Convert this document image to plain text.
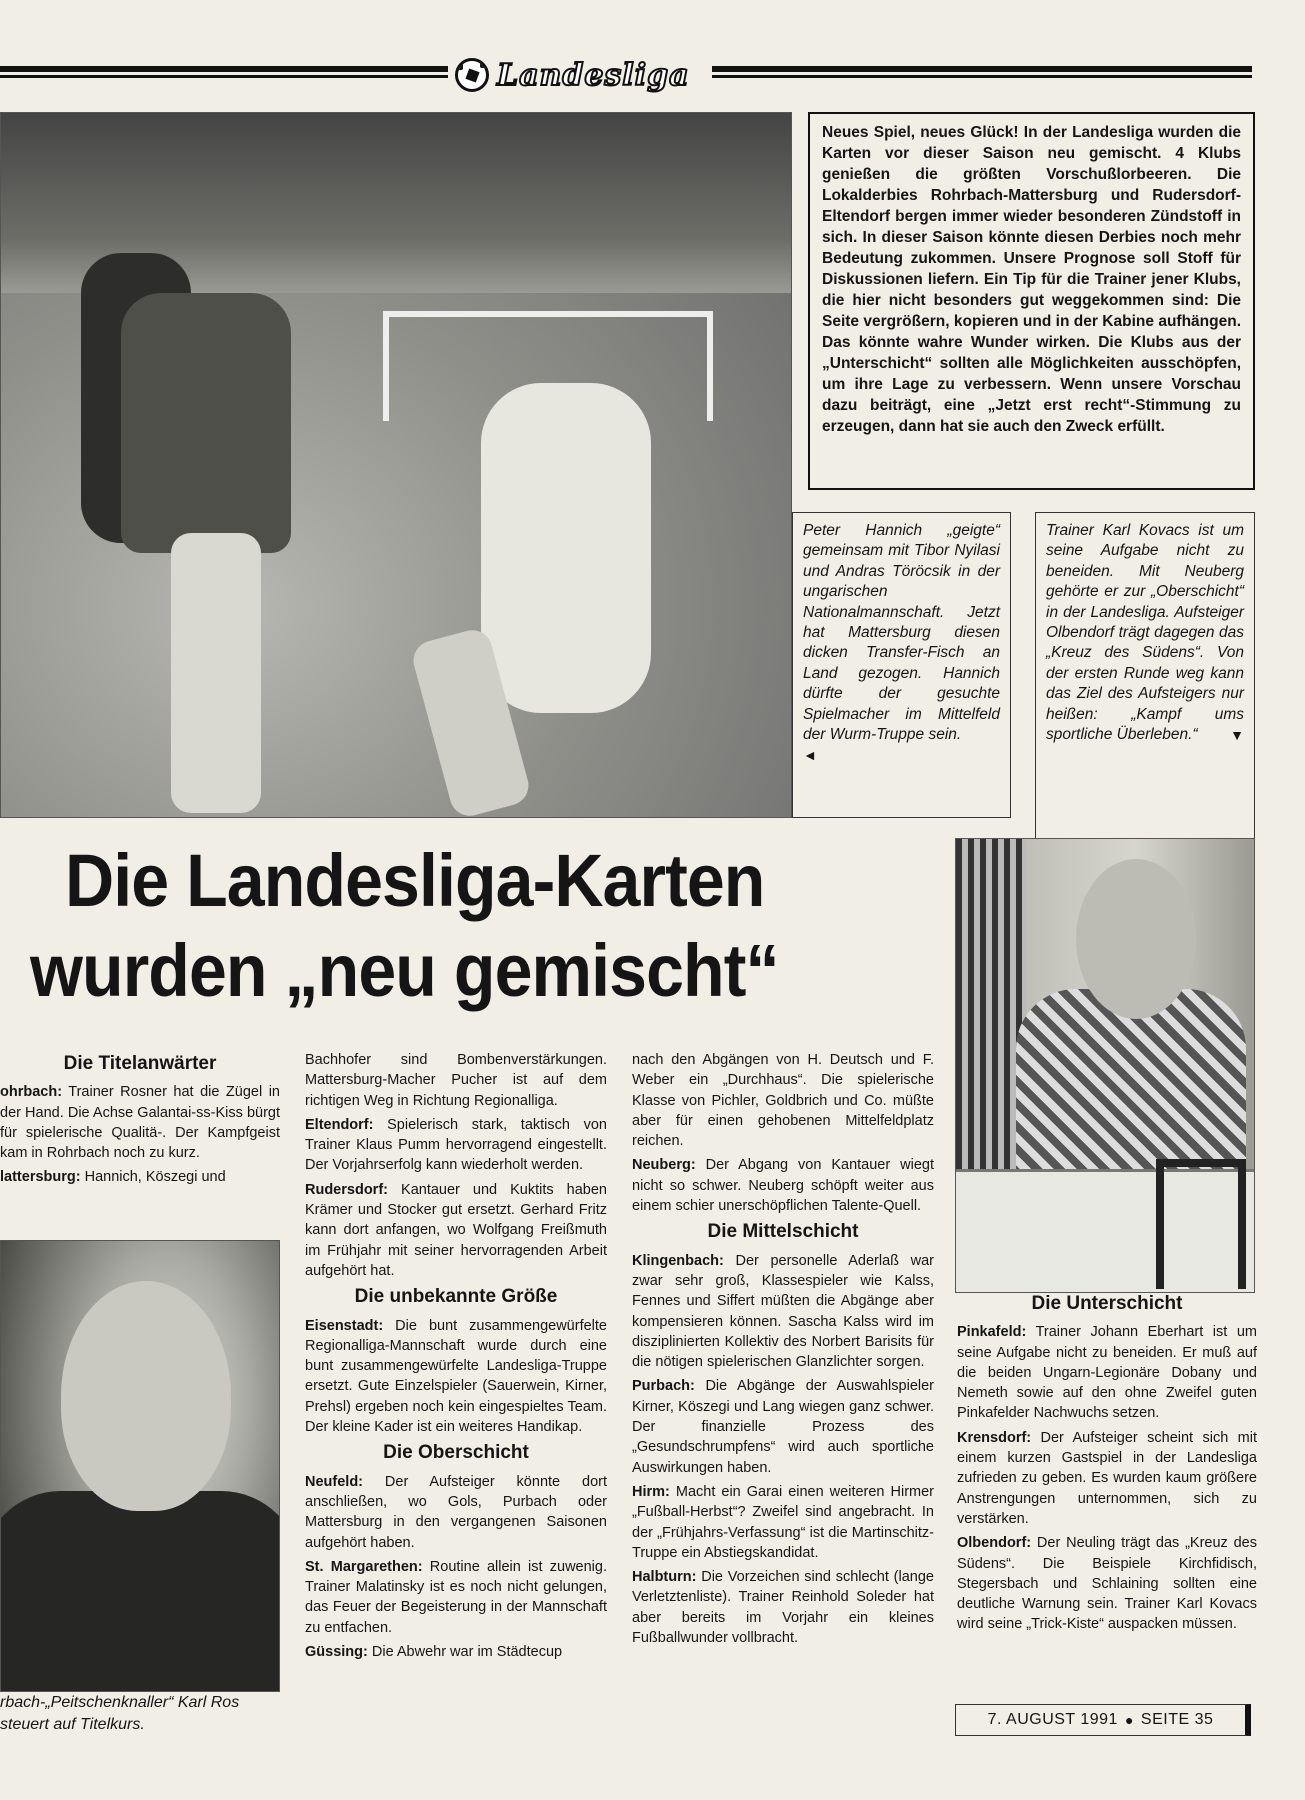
Landesliga

Neues Spiel, neues Glück! In der Landesliga wurden die Karten vor dieser Saison neu gemischt. 4 Klubs genießen die größten Vorschußlorbeeren. Die Lokalderbies Rohrbach-Mattersburg und Rudersdorf-Eltendorf bergen immer wieder besonderen Zündstoff in sich. In dieser Saison könnte diesen Derbies noch mehr Bedeutung zukommen. Unsere Prognose soll Stoff für Diskussionen liefern. Ein Tip für die Trainer jener Klubs, die hier nicht besonders gut weggekommen sind: Die Seite vergrößern, kopieren und in der Kabine aufhängen. Das könnte wahre Wunder wirken. Die Klubs aus der „Unterschicht“ sollten alle Möglichkeiten ausschöpfen, um ihre Lage zu verbessern. Wenn unsere Vorschau dazu beiträgt, eine „Jetzt erst recht“-Stimmung zu erzeugen, dann hat sie auch den Zweck erfüllt.

Peter Hannich „geigte“ gemeinsam mit Tibor Nyilasi und Andras Töröcsik in der ungarischen Nationalmannschaft. Jetzt hat Mattersburg diesen dicken Transfer-Fisch an Land gezogen. Hannich dürfte der gesuchte Spielmacher im Mittelfeld der Wurm-Truppe sein.
◄
Trainer Karl Kovacs ist um seine Aufgabe nicht zu beneiden. Mit Neuberg gehörte er zur „Oberschicht“ in der Landesliga. Aufsteiger Olbendorf trägt dagegen das „Kreuz des Südens“. Von der ersten Runde weg kann das Ziel des Aufsteigers nur heißen: „Kampf ums sportliche Überleben.“ ▼
Die Landesliga-Karten
wurden „neu gemischt“
Die Titelanwärter

ohrbach: Trainer Rosner hat die Zügel in der Hand. Die Achse Galantai-ss-Kiss bürgt für spielerische Qualitä-. Der Kampfgeist kam in Rohrbach noch zu kurz.

lattersburg: Hannich, Köszegi und

rbach-„Peitschenknaller“ Karl Ros steuert auf Titelkurs.

Bachhofer sind Bombenverstärkungen. Mattersburg-Macher Pucher ist auf dem richtigen Weg in Richtung Regionalliga.

Eltendorf: Spielerisch stark, taktisch von Trainer Klaus Pumm hervorragend eingestellt. Der Vorjahrserfolg kann wiederholt werden.

Rudersdorf: Kantauer und Kuktits haben Krämer und Stocker gut ersetzt. Gerhard Fritz kann dort anfangen, wo Wolfgang Freißmuth im Frühjahr mit seiner hervorragenden Arbeit aufgehört hat.

Die unbekannte Größe

Eisenstadt: Die bunt zusammengewürfelte Regionalliga-Mannschaft wurde durch eine bunt zusammengewürfelte Landesliga-Truppe ersetzt. Gute Einzelspieler (Sauerwein, Kirner, Prehsl) ergeben noch kein eingespieltes Team. Der kleine Kader ist ein weiteres Handikap.

Die Oberschicht

Neufeld: Der Aufsteiger könnte dort anschließen, wo Gols, Purbach oder Mattersburg in den vergangenen Saisonen aufgehört haben.

St. Margarethen: Routine allein ist zuwenig. Trainer Malatinsky ist es noch nicht gelungen, das Feuer der Begeisterung in der Mannschaft zu entfachen.

Güssing: Die Abwehr war im Städtecup

nach den Abgängen von H. Deutsch und F. Weber ein „Durchhaus“. Die spielerische Klasse von Pichler, Goldbrich und Co. müßte aber für einen gehobenen Mittelfeldplatz reichen.

Neuberg: Der Abgang von Kantauer wiegt nicht so schwer. Neuberg schöpft weiter aus einem schier unerschöpflichen Talente-Quell.

Die Mittelschicht

Klingenbach: Der personelle Aderlaß war zwar sehr groß, Klassespieler wie Kalss, Fennes und Siffert müßten die Abgänge aber kompensieren können. Sascha Kalss wird im disziplinierten Kollektiv des Norbert Barisits für die nötigen spielerischen Glanzlichter sorgen.

Purbach: Die Abgänge der Auswahlspieler Kirner, Köszegi und Lang wiegen ganz schwer. Der finanzielle Prozess des „Gesundschrumpfens“ wird auch sportliche Auswirkungen haben.

Hirm: Macht ein Garai einen weiteren Hirmer „Fußball-Herbst“? Zweifel sind angebracht. In der „Frühjahrs-Verfassung“ ist die Martinschitz-Truppe ein Abstiegskandidat.

Halbturn: Die Vorzeichen sind schlecht (lange Verletztenliste). Trainer Reinhold Soleder hat aber bereits im Vorjahr ein kleines Fußballwunder vollbracht.

Die Unterschicht

Pinkafeld: Trainer Johann Eberhart ist um seine Aufgabe nicht zu beneiden. Er muß auf die beiden Ungarn-Legionäre Dobany und Nemeth sowie auf den ohne Zweifel guten Pinkafelder Nachwuchs setzen.

Krensdorf: Der Aufsteiger scheint sich mit einem kurzen Gastspiel in der Landesliga zufrieden zu geben. Es wurden kaum größere Anstrengungen unternommen, sich zu verstärken.

Olbendorf: Der Neuling trägt das „Kreuz des Südens“. Die Beispiele Kirchfidisch, Stegersbach und Schlaining sollten eine deutliche Warnung sein. Trainer Karl Kovacs wird seine „Trick-Kiste“ auspacken müssen.

7. AUGUST 1991 ● SEITE 35
